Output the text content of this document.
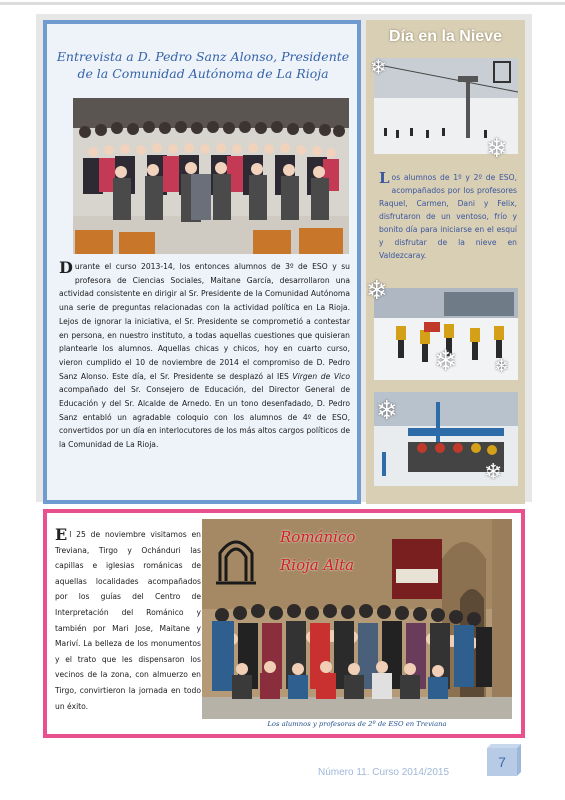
Entrevista a D. Pedro Sanz Alonso, Presidente
de la Comunidad Autónoma de La Rioja

Durante el curso 2013-14, los entonces alumnos de 3º de ESO y su profesora de Ciencias Sociales, Maitane García, desarrollaron una actividad consistente en dirigir al Sr. Presidente de la Comunidad Autónoma una serie de preguntas relacionadas con la actividad política en La Rioja. Lejos de ignorar la iniciativa, el Sr. Presidente se comprometió a contestar en persona, en nuestro instituto, a todas aquellas cuestiones que quisieran plantearle los alumnos. Aquellas chicas y chicos, hoy en cuarto curso, vieron cumplido el 10 de noviembre de 2014 el compromiso de D. Pedro Sanz Alonso. Este día, el Sr. Presidente se desplazó al IES Virgen de Vico acompañado del Sr. Consejero de Educación, del Director General de Educación y del Sr. Alcalde de Arnedo. En un tono desenfadado, D. Pedro Sanz entabló un agradable coloquio con los alumnos de 4º de ESO, convertidos por un día en interlocutores de los más altos cargos políticos de la Comunidad de La Rioja.

Día en la Nieve
❄
❄

Los alumnos de 1º y 2º de ESO, acompañados por los profesores Raquel, Carmen, Dani y Felix, disfrutaron de un ventoso, frío y bonito día para iniciarse en el esquí y disfrutar de la nieve en Valdezcaray.

❄
❄ ❄
❄
❄

El 25 de noviembre visitamos en Treviana, Tirgo y Ochánduri las capillas e iglesias románicas de aquellas localidades acompañados por los guías del Centro de Interpretación del Románico y también por Mari Jose, Maitane y Mariví. La belleza de los monumentos y el trato que les dispensaron los vecinos de la zona, con almuerzo en Tirgo, convirtieron la jornada en todo un éxito.

Románico
Rioja Alta
Los alumnos y profesoras de 2º de ESO en Treviana
Número 11. Curso 2014/2015
7
